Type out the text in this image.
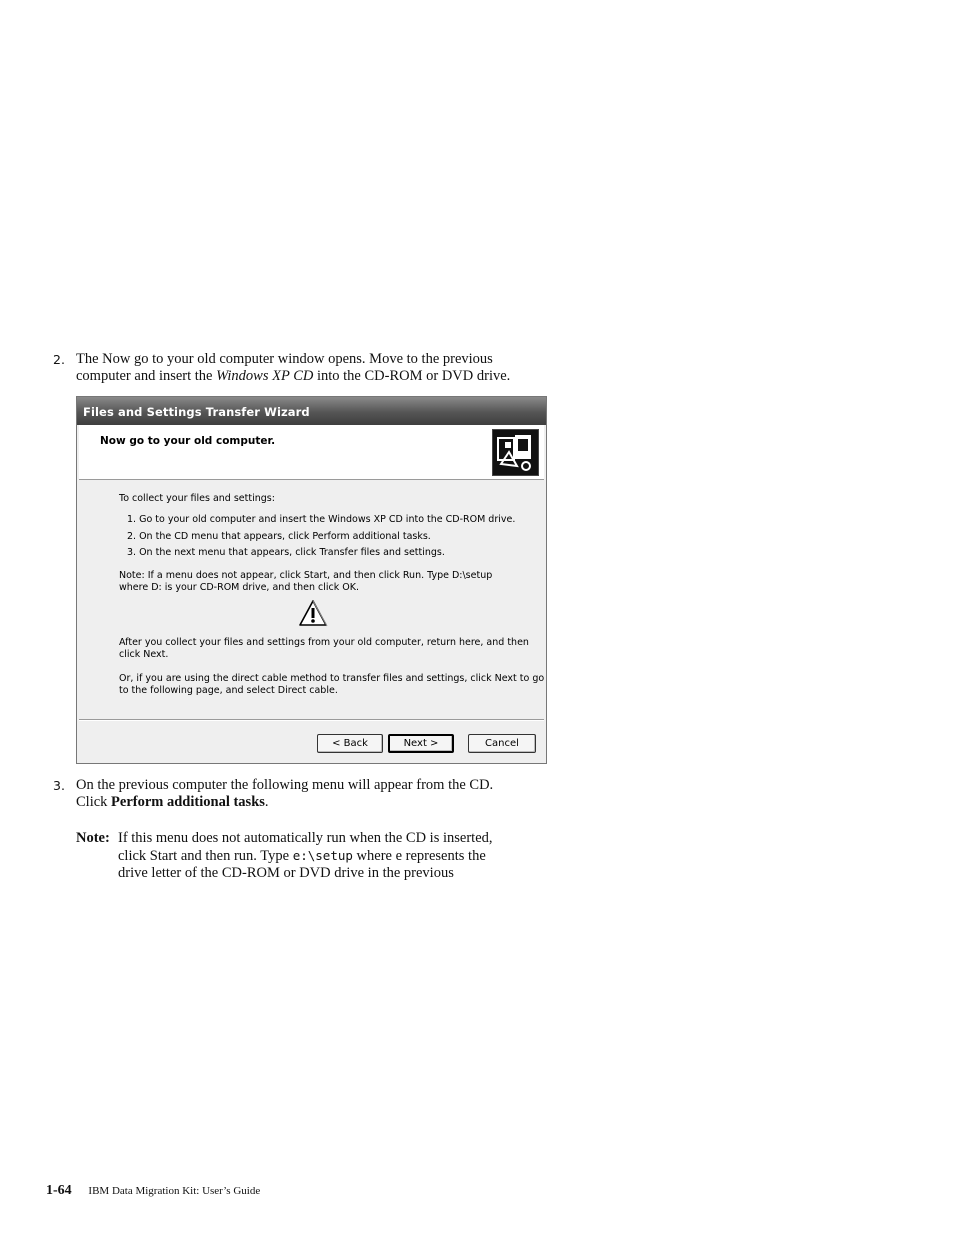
2. The Now go to your old computer window opens. Move to the previous
computer and insert the Windows XP CD into the CD-ROM or DVD drive.
Files and Settings Transfer Wizard
Now go to your old computer.

To collect your files and settings:

1. Go to your old computer and insert the Windows XP CD into the CD-ROM drive.

2. On the CD menu that appears, click Perform additional tasks.

3. On the next menu that appears, click Transfer files and settings.

Note: If a menu does not appear, click Start, and then click Run. Type D:\setup

where D: is your CD-ROM drive, and then click OK.

After you collect your files and settings from your old computer, return here, and then

click Next.

Or, if you are using the direct cable method to transfer files and settings, click Next to go

to the following page, and select Direct cable.

< Back	Next >	Cancel
3. On the previous computer the following menu will appear from the CD.
Click Perform additional tasks.
Note: If this menu does not automatically run when the CD is inserted,
click Start and then run. Type e:\setup where e represents the
drive letter of the CD-ROM or DVD drive in the previous
1-64 IBM Data Migration Kit: User’s Guide
